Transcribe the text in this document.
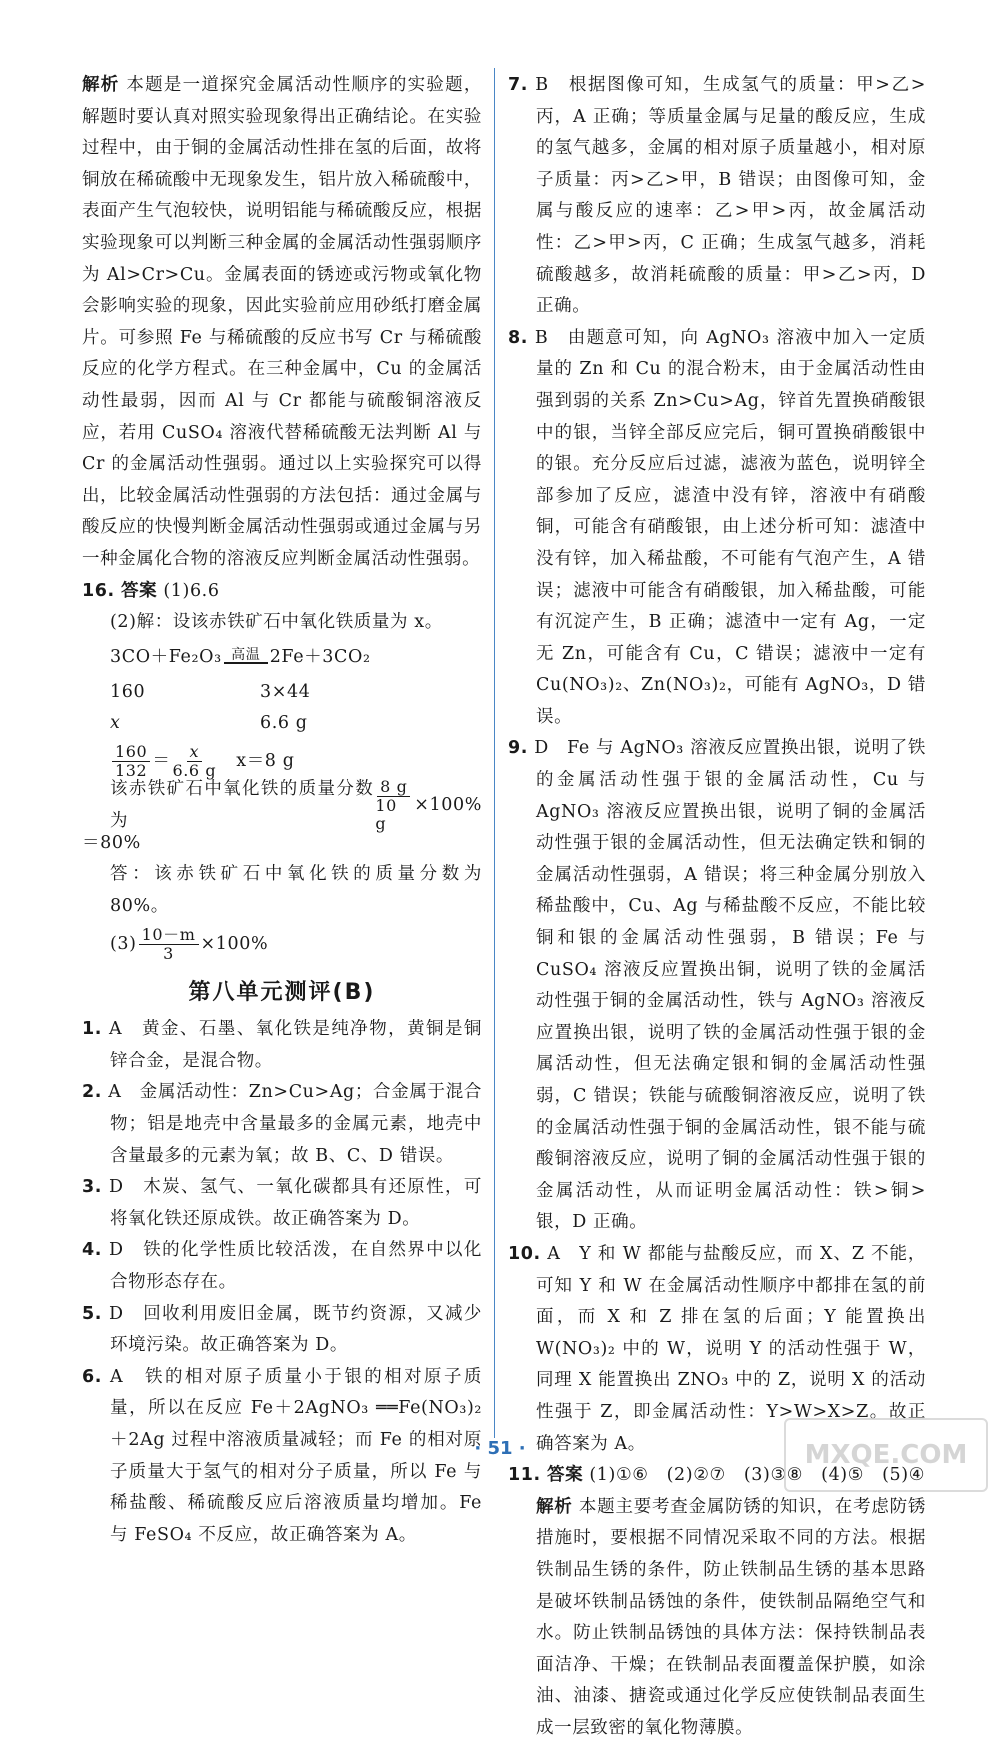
解析 本题是一道探究金属活动性顺序的实验题，解题时要认真对照实验现象得出正确结论。在实验过程中，由于铜的金属活动性排在氢的后面，故将铜放在稀硫酸中无现象发生，铝片放入稀硫酸中，表面产生气泡较快，说明铝能与稀硫酸反应，根据实验现象可以判断三种金属的金属活动性强弱顺序为 Al>Cr>Cu。金属表面的锈迹或污物或氧化物会影响实验的现象，因此实验前应用砂纸打磨金属片。可参照 Fe 与稀硫酸的反应书写 Cr 与稀硫酸反应的化学方程式。在三种金属中，Cu 的金属活动性最弱，因而 Al 与 Cr 都能与硫酸铜溶液反应，若用 CuSO₄ 溶液代替稀硫酸无法判断 Al 与 Cr 的金属活动性强弱。通过以上实验探究可以得出，比较金属活动性强弱的方法包括：通过金属与酸反应的快慢判断金属活动性强弱或通过金属与另一种金属化合物的溶液反应判断金属活动性强弱。

16. 答案 (1)6.6

(2)解：设该赤铁矿石中氧化铁质量为 x。

3CO＋Fe₂O₃ 高温 2Fe＋3CO₂
160	3×44
x	6.6 g
$\frac{160}{132} = \frac{x}{6.6 g} x=8$ g
该赤铁矿石中氧化铁的质量分数为	$\frac{8 g}{10 g} \times 100\%$

＝80%

答：该赤铁矿石中氧化铁的质量分数为 80%。

$(3) \frac{10-m}{3} \times 100\%$
第八单元测评(B)

1. A　黄金、石墨、氧化铁是纯净物，黄铜是铜锌合金，是混合物。

2. A　金属活动性：Zn>Cu>Ag；合金属于混合物；铝是地壳中含量最多的金属元素，地壳中含量最多的元素为氧；故 B、C、D 错误。

3. D　木炭、氢气、一氧化碳都具有还原性，可将氧化铁还原成铁。故正确答案为 D。

4. D　铁的化学性质比较活泼，在自然界中以化合物形态存在。

5. D　回收利用废旧金属，既节约资源，又减少环境污染。故正确答案为 D。

6. A　铁的相对原子质量小于银的相对原子质量，所以在反应 Fe＋2AgNO₃ ══Fe(NO₃)₂＋2Ag 过程中溶液质量减轻；而 Fe 的相对原子质量大于氢气的相对分子质量，所以 Fe 与稀盐酸、稀硫酸反应后溶液质量均增加。Fe 与 FeSO₄ 不反应，故正确答案为 A。

7. B　根据图像可知，生成氢气的质量：甲>乙>丙，A 正确；等质量金属与足量的酸反应，生成的氢气越多，金属的相对原子质量越小，相对原子质量：丙>乙>甲，B 错误；由图像可知，金属与酸反应的速率：乙>甲>丙，故金属活动性：乙>甲>丙，C 正确；生成氢气越多，消耗硫酸越多，故消耗硫酸的质量：甲>乙>丙，D 正确。

8. B　由题意可知，向 AgNO₃ 溶液中加入一定质量的 Zn 和 Cu 的混合粉末，由于金属活动性由强到弱的关系 Zn>Cu>Ag，锌首先置换硝酸银中的银，当锌全部反应完后，铜可置换硝酸银中的银。充分反应后过滤，滤液为蓝色，说明锌全部参加了反应，滤渣中没有锌，溶液中有硝酸铜，可能含有硝酸银，由上述分析可知：滤渣中没有锌，加入稀盐酸，不可能有气泡产生，A 错误；滤液中可能含有硝酸银，加入稀盐酸，可能有沉淀产生，B 正确；滤渣中一定有 Ag，一定无 Zn，可能含有 Cu，C 错误；滤液中一定有 Cu(NO₃)₂、Zn(NO₃)₂，可能有 AgNO₃，D 错误。

9. D　Fe 与 AgNO₃ 溶液反应置换出银，说明了铁的金属活动性强于银的金属活动性，Cu 与 AgNO₃ 溶液反应置换出银，说明了铜的金属活动性强于银的金属活动性，但无法确定铁和铜的金属活动性强弱，A 错误；将三种金属分别放入稀盐酸中，Cu、Ag 与稀盐酸不反应，不能比较铜和银的金属活动性强弱，B 错误；Fe 与 CuSO₄ 溶液反应置换出铜，说明了铁的金属活动性强于铜的金属活动性，铁与 AgNO₃ 溶液反应置换出银，说明了铁的金属活动性强于银的金属活动性，但无法确定银和铜的金属活动性强弱，C 错误；铁能与硫酸铜溶液反应，说明了铁的金属活动性强于铜的金属活动性，银不能与硫酸铜溶液反应，说明了铜的金属活动性强于银的金属活动性，从而证明金属活动性：铁>铜>银，D 正确。

10. A　Y 和 W 都能与盐酸反应，而 X、Z 不能，可知 Y 和 W 在金属活动性顺序中都排在氢的前面，而 X 和 Z 排在氢的后面；Y 能置换出 W(NO₃)₂ 中的 W，说明 Y 的活动性强于 W，同理 X 能置换出 ZNO₃ 中的 Z，说明 X 的活动性强于 Z，即金属活动性：Y>W>X>Z。故正确答案为 A。

11. 答案 (1)①⑥　(2)②⑦　(3)③⑧　(4)⑤　(5)④

解析 本题主要考查金属防锈的知识，在考虑防锈措施时，要根据不同情况采取不同的方法。根据铁制品生锈的条件，防止铁制品生锈的基本思路是破坏铁制品锈蚀的条件，使铁制品隔绝空气和水。防止铁制品锈蚀的具体方法：保持铁制品表面洁净、干燥；在铁制品表面覆盖保护膜，如涂油、油漆、搪瓷或通过化学反应使铁制品表面生成一层致密的氧化物薄膜。

· 51 ·	MXQE.COM
